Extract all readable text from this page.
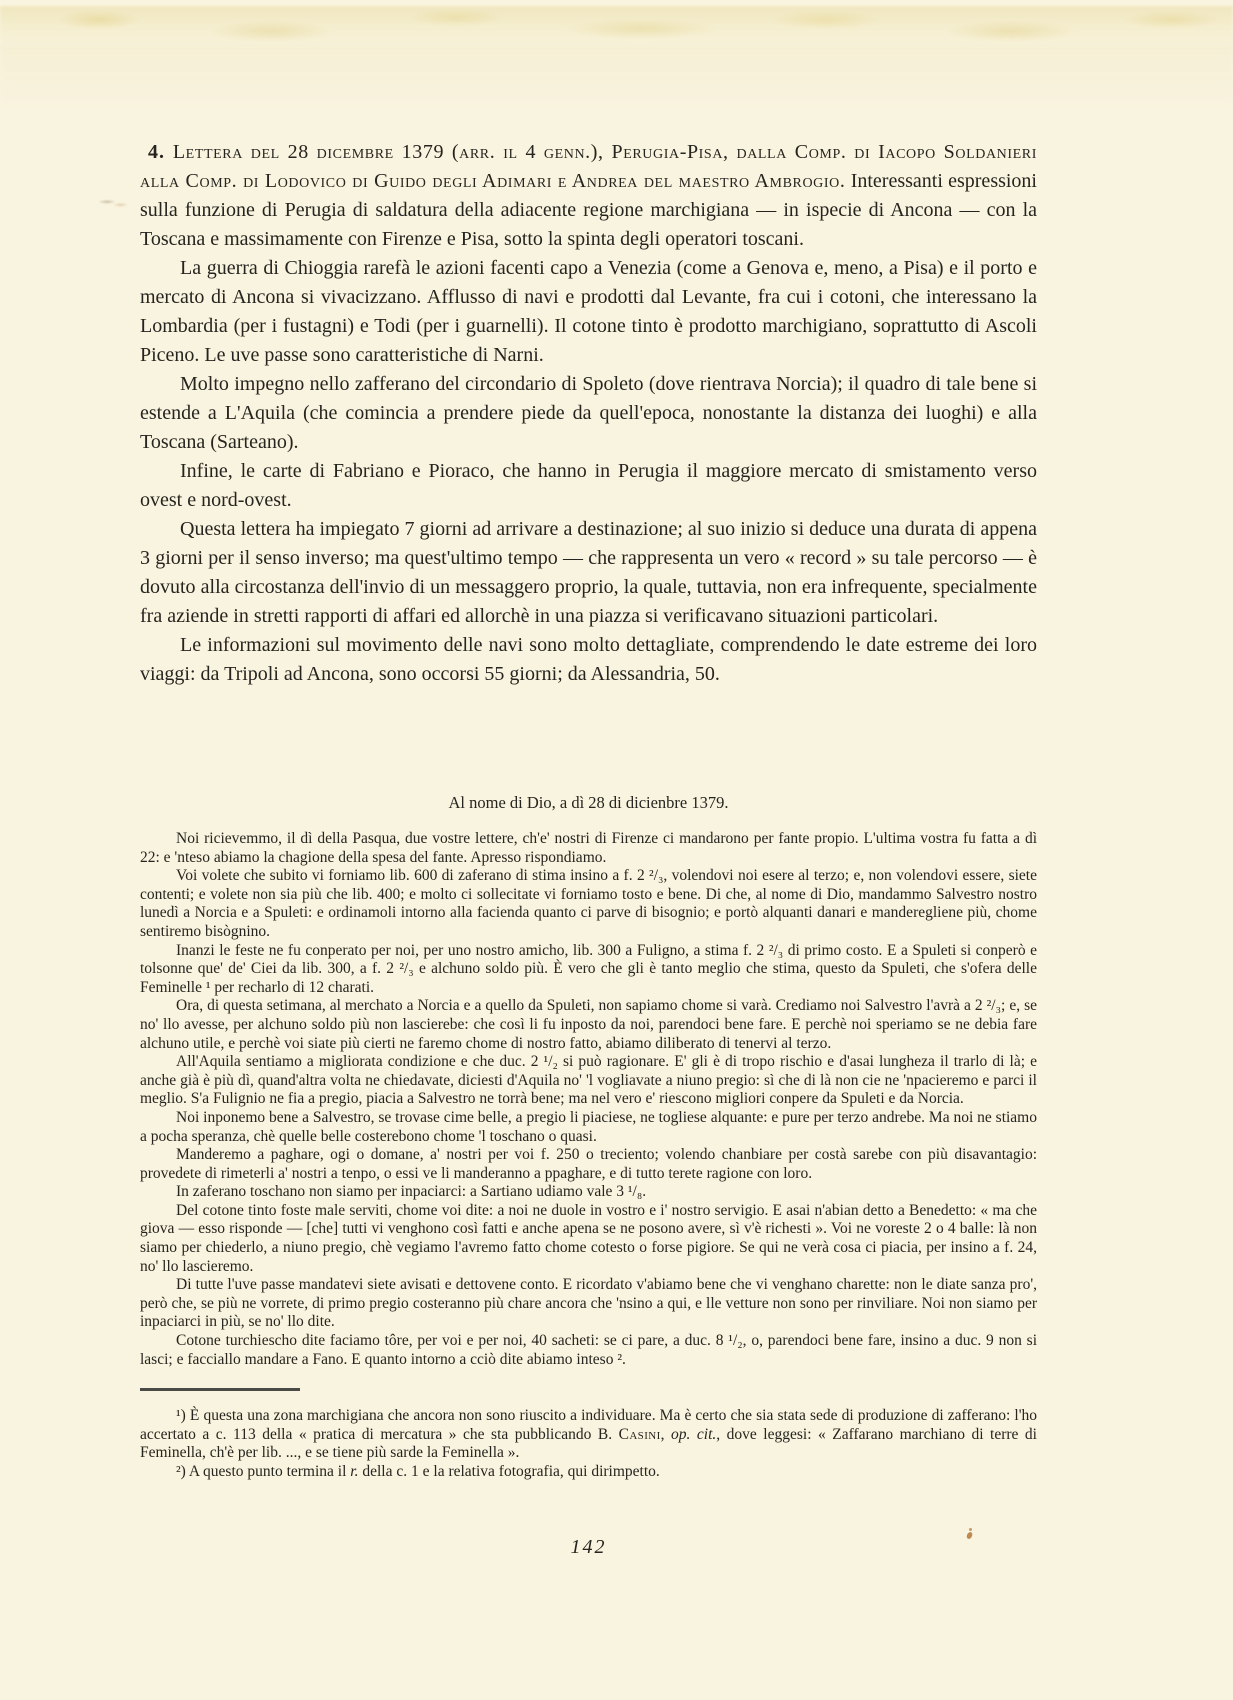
4. Lettera del 28 dicembre 1379 (arr. il 4 genn.), Perugia-Pisa, dalla Comp. di Iacopo Soldanieri alla Comp. di Lodovico di Guido degli Adimari e Andrea del maestro Ambrogio. Interessanti espressioni sulla funzione di Perugia di saldatura della adiacente regione marchigiana — in ispecie di Ancona — con la Toscana e massimamente con Firenze e Pisa, sotto la spinta degli operatori toscani.

La guerra di Chioggia rarefà le azioni facenti capo a Venezia (come a Genova e, meno, a Pisa) e il porto e mercato di Ancona si vivacizzano. Afflusso di navi e prodotti dal Levante, fra cui i cotoni, che interessano la Lombardia (per i fustagni) e Todi (per i guarnelli). Il cotone tinto è prodotto marchigiano, soprattutto di Ascoli Piceno. Le uve passe sono caratteristiche di Narni.

Molto impegno nello zafferano del circondario di Spoleto (dove rientrava Norcia); il quadro di tale bene si estende a L'Aquila (che comincia a prendere piede da quell'epoca, nonostante la distanza dei luoghi) e alla Toscana (Sarteano).

Infine, le carte di Fabriano e Pioraco, che hanno in Perugia il maggiore mercato di smistamento verso ovest e nord-ovest.

Questa lettera ha impiegato 7 giorni ad arrivare a destinazione; al suo inizio si deduce una durata di appena 3 giorni per il senso inverso; ma quest'ultimo tempo — che rappresenta un vero « record » su tale percorso — è dovuto alla circostanza dell'invio di un messaggero proprio, la quale, tuttavia, non era infrequente, specialmente fra aziende in stretti rapporti di affari ed allorchè in una piazza si verificavano situazioni particolari.

Le informazioni sul movimento delle navi sono molto dettagliate, comprendendo le date estreme dei loro viaggi: da Tripoli ad Ancona, sono occorsi 55 giorni; da Alessandria, 50.

Al nome di Dio, a dì 28 di dicienbre 1379.

Noi ricievemmo, il dì della Pasqua, due vostre lettere, ch'e' nostri di Firenze ci mandarono per fante propio. L'ultima vostra fu fatta a dì 22: e 'nteso abiamo la chagione della spesa del fante. Apresso rispondiamo.

Voi volete che subito vi forniamo lib. 600 di zaferano di stima insino a f. 2 ²/₃, volendovi noi esere al terzo; e, non volendovi essere, siete contenti; e volete non sia più che lib. 400; e molto ci sollecitate vi forniamo tosto e bene. Di che, al nome di Dio, mandammo Salvestro nostro lunedì a Norcia e a Spuleti: e ordinamoli intorno alla facienda quanto ci parve di bisognio; e portò alquanti danari e manderegliene più, chome sentiremo bisògnino.

Inanzi le feste ne fu conperato per noi, per uno nostro amicho, lib. 300 a Fuligno, a stima f. 2 ²/₃ di primo costo. E a Spuleti si conperò e tolsonne que' de' Ciei da lib. 300, a f. 2 ²/₃ e alchuno soldo più. È vero che gli è tanto meglio che stima, questo da Spuleti, che s'ofera delle Feminelle ¹ per recharlo di 12 charati.

Ora, di questa setimana, al merchato a Norcia e a quello da Spuleti, non sapiamo chome si varà. Crediamo noi Salvestro l'avrà a 2 ²/₃; e, se no' llo avesse, per alchuno soldo più non lascierebe: che così li fu inposto da noi, parendoci bene fare. E perchè noi speriamo se ne debia fare alchuno utile, e perchè voi siate più cierti ne faremo chome di nostro fatto, abiamo diliberato di tenervi al terzo.

All'Aquila sentiamo a migliorata condizione e che duc. 2 ¹/₂ si può ragionare. E' gli è di tropo rischio e d'asai lungheza il trarlo di là; e anche già è più dì, quand'altra volta ne chiedavate, diciesti d'Aquila no' 'l vogliavate a niuno pregio: sì che di là non cie ne 'npacieremo e parci il meglio. S'a Fulignio ne fia a pregio, piacia a Salvestro ne torrà bene; ma nel vero e' riescono migliori conpere da Spuleti e da Norcia.

Noi inponemo bene a Salvestro, se trovase cime belle, a pregio li piaciese, ne togliese alquante: e pure per terzo andrebe. Ma noi ne stiamo a pocha speranza, chè quelle belle costerebono chome 'l toschano o quasi.

Manderemo a paghare, ogi o domane, a' nostri per voi f. 250 o treciento; volendo chanbiare per costà sarebe con più disavantagio: provedete di rimeterli a' nostri a tenpo, o essi ve li manderanno a ppaghare, e di tutto terete ragione con loro.

In zaferano toschano non siamo per inpaciarci: a Sartiano udiamo vale 3 ¹/₈.

Del cotone tinto foste male serviti, chome voi dite: a noi ne duole in vostro e i' nostro servigio. E asai n'abian detto a Benedetto: « ma che giova — esso risponde — [che] tutti vi venghono così fatti e anche apena se ne posono avere, sì v'è richesti ». Voi ne voreste 2 o 4 balle: là non siamo per chiederlo, a niuno pregio, chè vegiamo l'avremo fatto chome cotesto o forse pigiore. Se qui ne verà cosa ci piacia, per insino a f. 24, no' llo lascieremo.

Di tutte l'uve passe mandatevi siete avisati e dettovene conto. E ricordato v'abiamo bene che vi venghano charette: non le diate sanza pro', però che, se più ne vorrete, di primo pregio costeranno più chare ancora che 'nsino a qui, e lle vetture non sono per rinviliare. Noi non siamo per inpaciarci in più, se no' llo dite.

Cotone turchiescho dite faciamo tôre, per voi e per noi, 40 sacheti: se ci pare, a duc. 8 ¹/₂, o, parendoci bene fare, insino a duc. 9 non si lasci; e facciallo mandare a Fano. E quanto intorno a cciò dite abiamo inteso ².

¹) È questa una zona marchigiana che ancora non sono riuscito a individuare. Ma è certo che sia stata sede di produzione di zafferano: l'ho accertato a c. 113 della « pratica di mercatura » che sta pubblicando B. Casini, op. cit., dove leggesi: « Zaffarano marchiano di terre di Feminella, ch'è per lib. ..., e se tiene più sarde la Feminella ».

²) A questo punto termina il r. della c. 1 e la relativa fotografia, qui dirimpetto.

142
